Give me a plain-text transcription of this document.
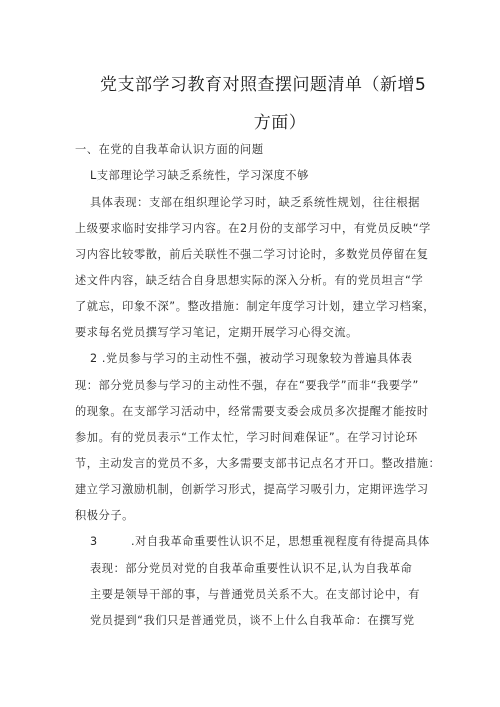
党支部学习教育对照查摆问题清单（新增5
方面）
一、在党的自我革命认识方面的问题
L支部理论学习缺乏系统性，学习深度不够
具体表现：支部在组织理论学习时，缺乏系统性规划，往往根据
上级要求临时安排学习内容。在2月份的支部学习中，有党员反映“学
习内容比较零散，前后关联性不强二学习讨论时，多数党员停留在复
述文件内容，缺乏结合自身思想实际的深入分析。有的党员坦言“学
了就忘，印象不深”。整改措施：制定年度学习计划，建立学习档案，
要求每名党员撰写学习笔记，定期开展学习心得交流。
2 .党员参与学习的主动性不强，被动学习现象较为普遍具体表
现：部分党员参与学习的主动性不强，存在“要我学”而非“我要学”
的现象。在支部学习活动中，经常需要支委会成员多次提醒才能按时
参加。有的党员表示“工作太忙，学习时间难保证”。在学习讨论环
节，主动发言的党员不多，大多需要支部书记点名才开口。整改措施：
建立学习激励机制，创新学习形式，提高学习吸引力，定期评选学习
积极分子。
3        .对自我革命重要性认识不足，思想重视程度有待提高具体
表现：部分党员对党的自我革命重要性认识不足,认为自我革命
主要是领导干部的事，与普通党员关系不大。在支部讨论中，有
党员提到“我们只是普通党员，谈不上什么自我革命：在撰写党
